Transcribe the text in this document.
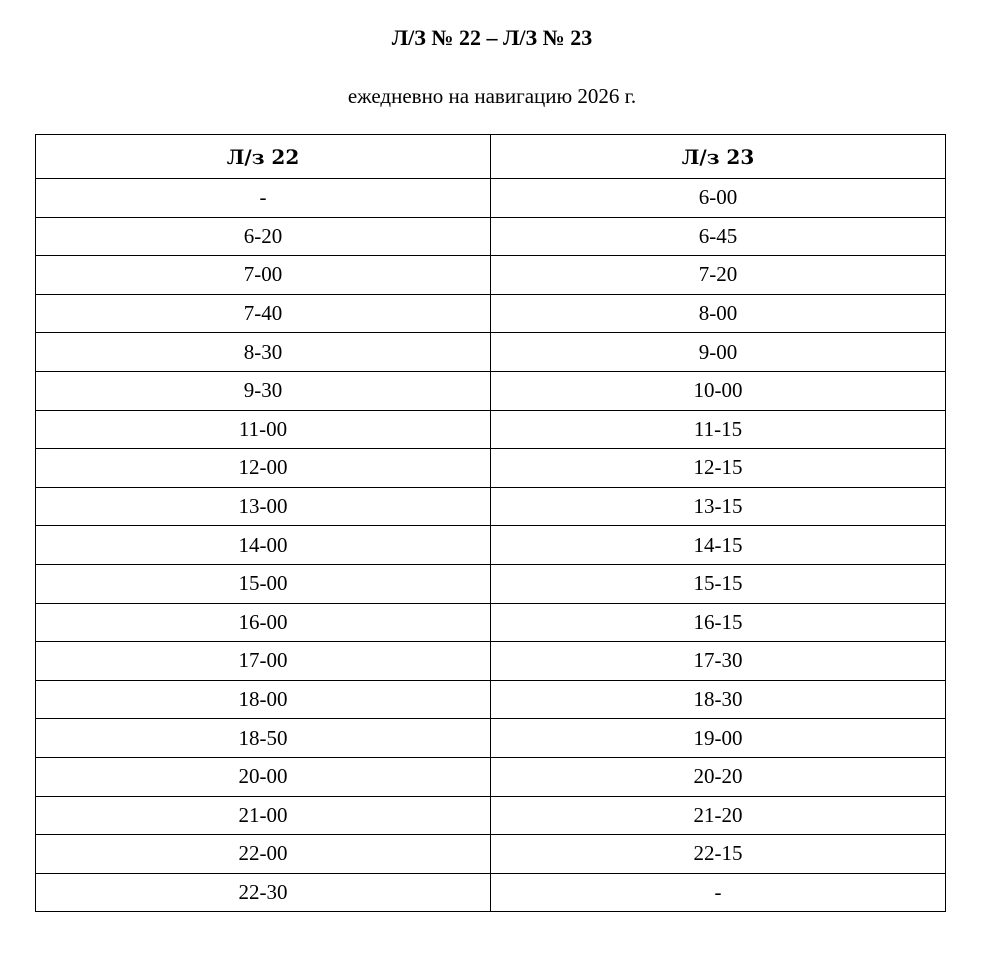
Л/З № 22 – Л/З № 23

ежедневно на навигацию 2026 г.

Л/з 22	Л/з 23
-	6-00
6-20	6-45
7-00	7-20
7-40	8-00
8-30	9-00
9-30	10-00
11-00	11-15
12-00	12-15
13-00	13-15
14-00	14-15
15-00	15-15
16-00	16-15
17-00	17-30
18-00	18-30
18-50	19-00
20-00	20-20
21-00	21-20
22-00	22-15
22-30	-
